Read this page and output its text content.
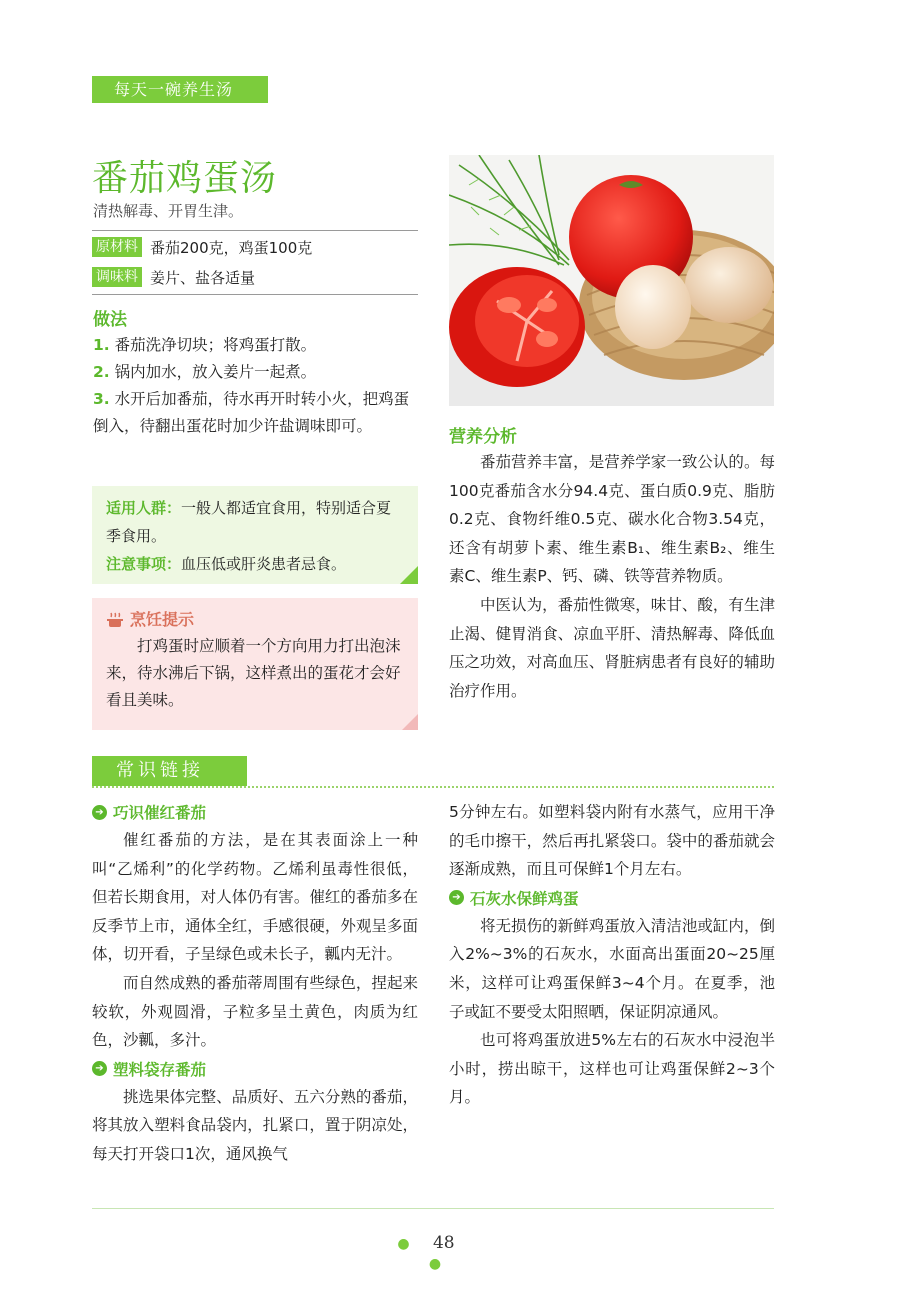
每天一碗养生汤
番茄鸡蛋汤
清热解毒、开胃生津。
原材料 番茄200克，鸡蛋100克
调味料 姜片、盐各适量
做法
1. 番茄洗净切块；将鸡蛋打散。
2. 锅内加水，放入姜片一起煮。
3. 水开后加番茄，待水再开时转小火，把鸡蛋倒入，待翻出蛋花时加少许盐调味即可。
适用人群：一般人都适宜食用，特别适合夏季食用。
注意事项：血压低或肝炎患者忌食。
烹饪提示
打鸡蛋时应顺着一个方向用力打出泡沫来，待水沸后下锅，这样煮出的蛋花才会好看且美味。
营养分析
番茄营养丰富，是营养学家一致公认的。每100克番茄含水分94.4克、蛋白质0.9克、脂肪0.2克、食物纤维0.5克、碳水化合物3.54克，还含有胡萝卜素、维生素B₁、维生素B₂、维生素C、维生素P、钙、磷、铁等营养物质。
中医认为，番茄性微寒，味甘、酸，有生津止渴、健胃消食、凉血平肝、清热解毒、降低血压之功效，对高血压、肾脏病患者有良好的辅助治疗作用。
常识链接
➔ 巧识催红番茄
催红番茄的方法，是在其表面涂上一种叫“乙烯利”的化学药物。乙烯利虽毒性很低，但若长期食用，对人体仍有害。催红的番茄多在反季节上市，通体全红，手感很硬，外观呈多面体，切开看，子呈绿色或未长子，瓤内无汁。
而自然成熟的番茄蒂周围有些绿色，捏起来较软，外观圆滑，子粒多呈土黄色，肉质为红色，沙瓤，多汁。
➔ 塑料袋存番茄
挑选果体完整、品质好、五六分熟的番茄，将其放入塑料食品袋内，扎紧口，置于阴凉处，每天打开袋口1次，通风换气
5分钟左右。如塑料袋内附有水蒸气，应用干净的毛巾擦干，然后再扎紧袋口。袋中的番茄就会逐渐成熟，而且可保鲜1个月左右。
➔ 石灰水保鲜鸡蛋
将无损伤的新鲜鸡蛋放入清洁池或缸内，倒入2%~3%的石灰水，水面高出蛋面20~25厘米，这样可让鸡蛋保鲜3~4个月。在夏季，池子或缸不要受太阳照晒，保证阴凉通风。
也可将鸡蛋放进5%左右的石灰水中浸泡半小时，捞出晾干，这样也可让鸡蛋保鲜2~3个月。
● 48 ●
